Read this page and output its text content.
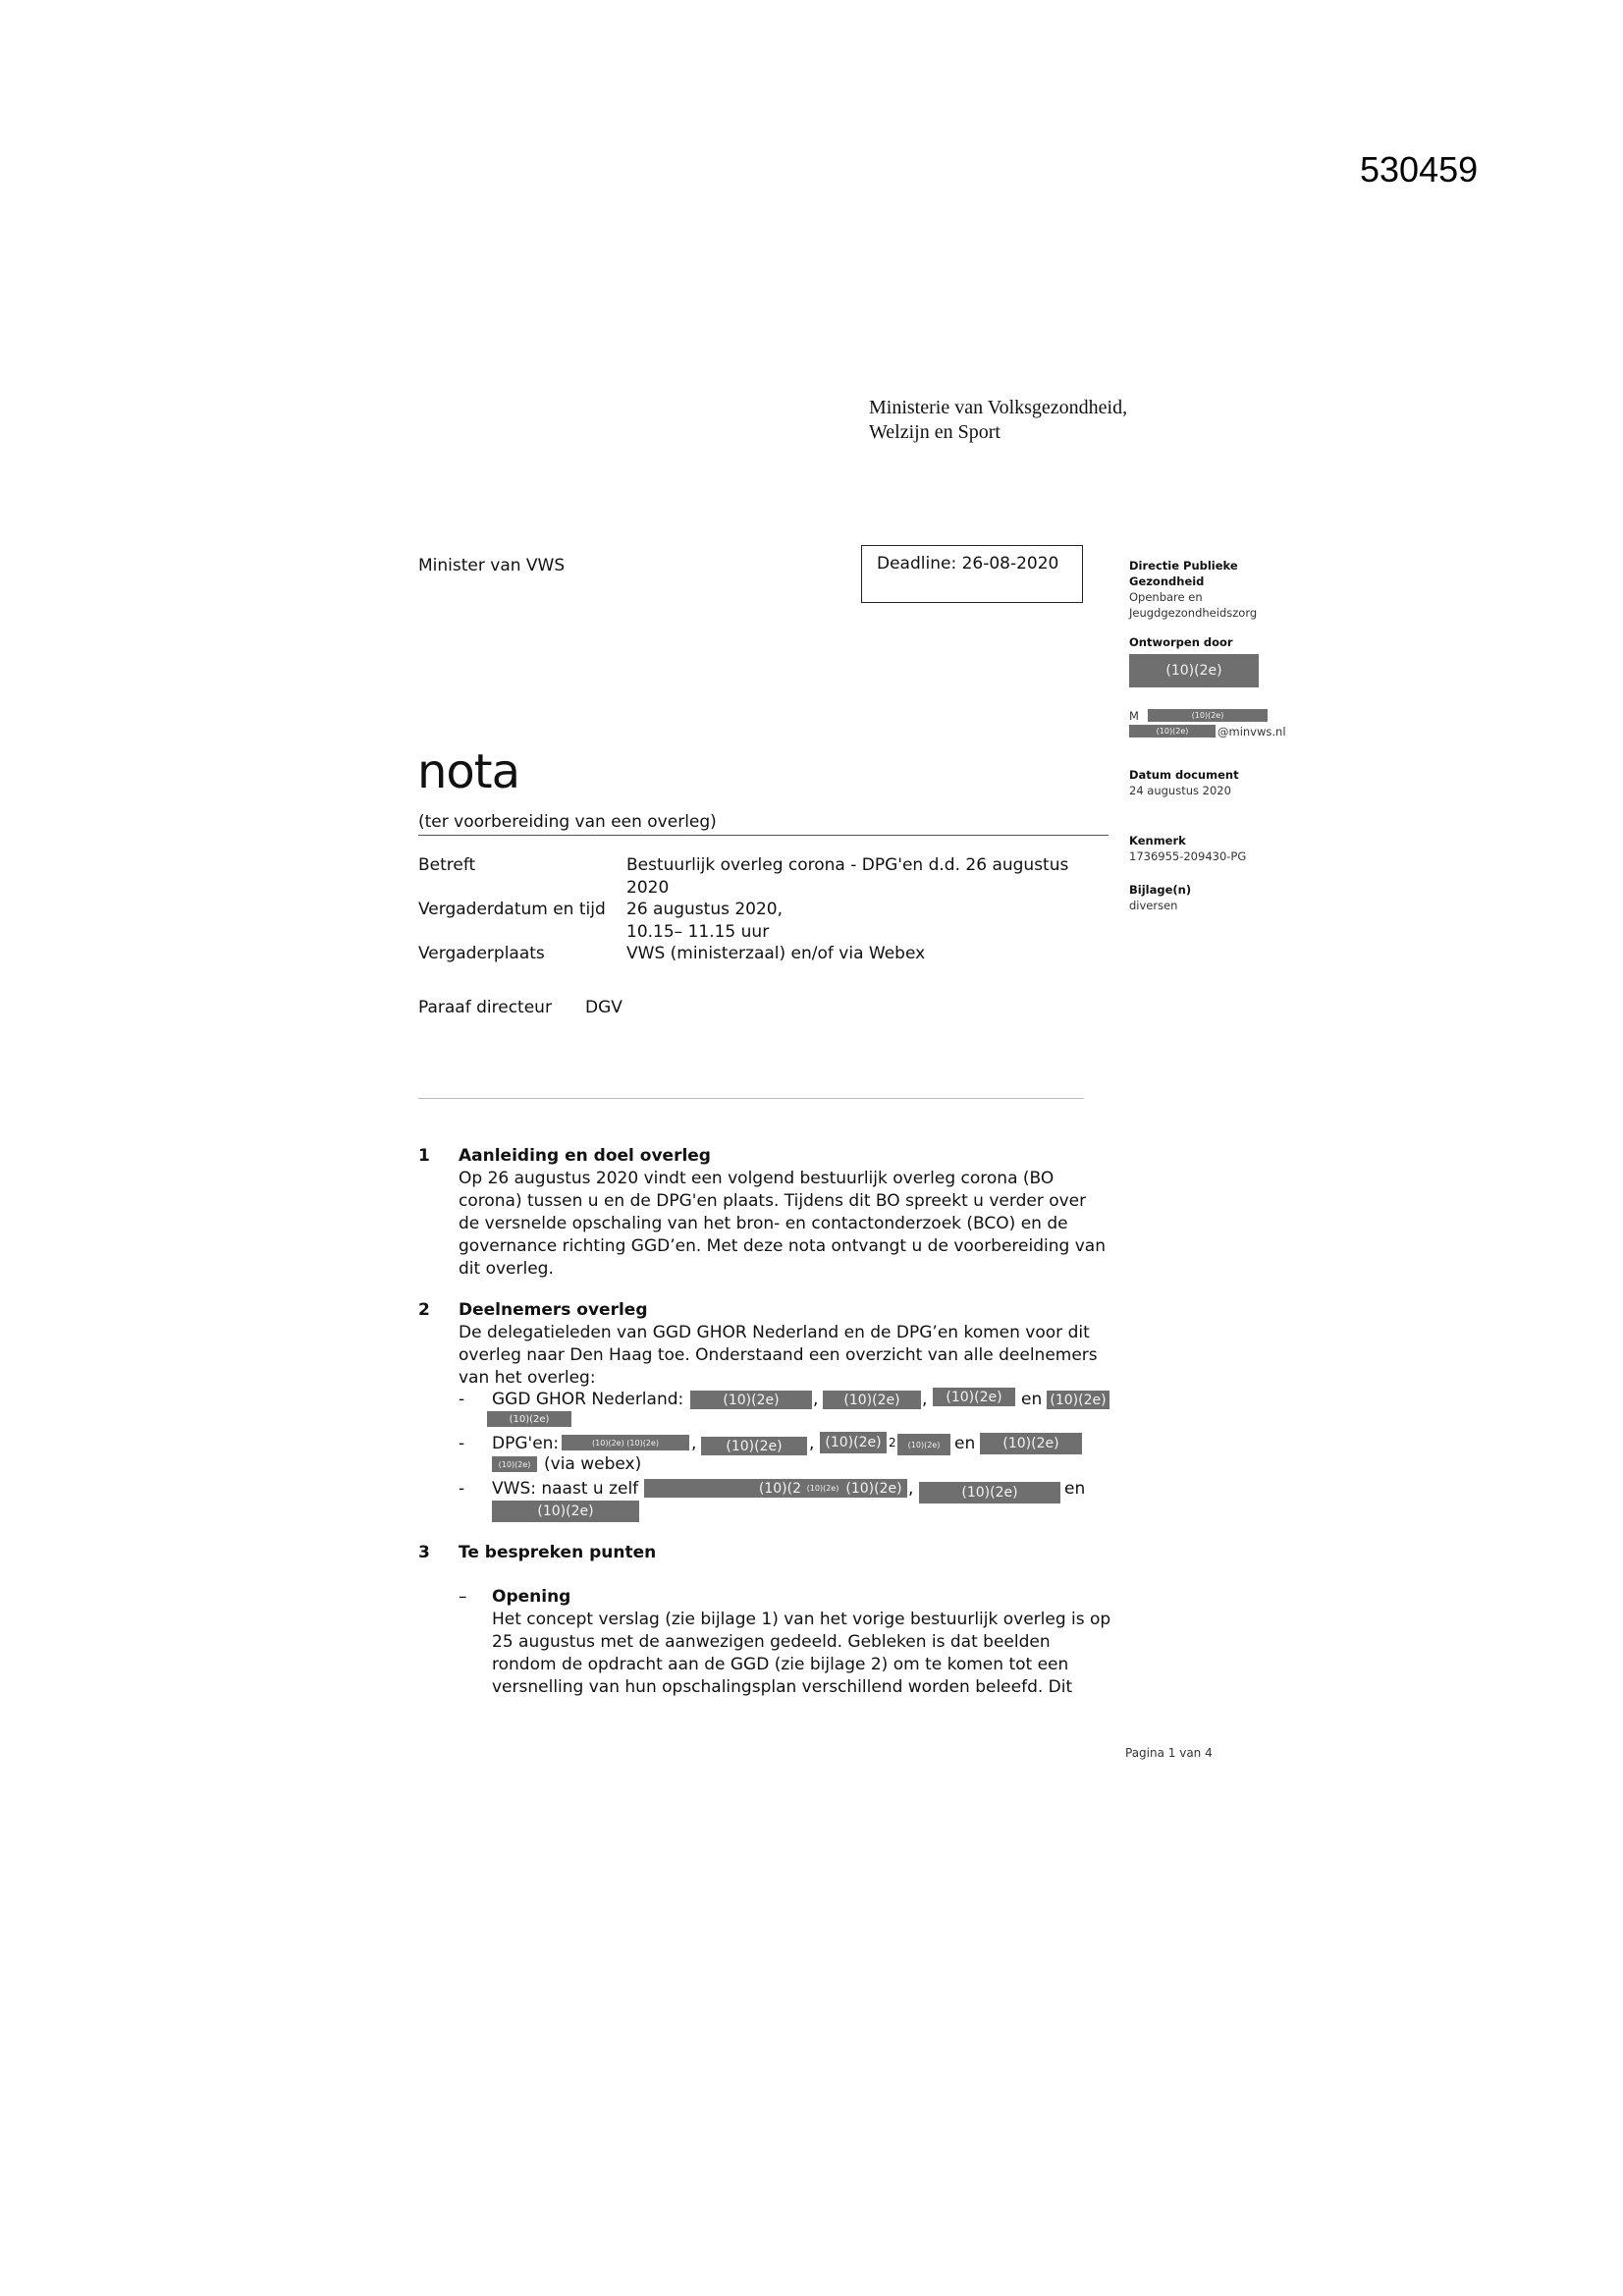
530459
Ministerie van Volksgezondheid,
Welzijn en Sport
Minister van VWS	Deadline: 26-08-2020	Directie Publieke
Gezondheid
Openbare en
Jeugdgezondheidszorg
Ontworpen door
(10)(2e)
M	(10)(2e)
(10)(2e)	@minvws.nl
Datum document
24 augustus 2020
Kenmerk
1736955-209430-PG
Bijlage(n)
diversen
nota
(ter voorbereiding van een overleg)
Betreft	Bestuurlijk overleg corona - DPG'en d.d. 26 augustus
2020
Vergaderdatum en tijd 26 augustus 2020,
10.15– 11.15 uur
Vergaderplaats	VWS (ministerzaal) en/of via Webex
Paraaf directeur DGV
1 Aanleiding en doel overleg
Op 26 augustus 2020 vindt een volgend bestuurlijk overleg corona (BO
corona) tussen u en de DPG'en plaats. Tijdens dit BO spreekt u verder over
de versnelde opschaling van het bron- en contactonderzoek (BCO) en de
governance richting GGD’en. Met deze nota ontvangt u de voorbereiding van
dit overleg.
2 Deelnemers overleg
De delegatieleden van GGD GHOR Nederland en de DPG’en komen voor dit
overleg naar Den Haag toe. Onderstaand een overzicht van alle deelnemers
van het overleg:
- GGD GHOR Nederland:	(10)(2e)	,	(10)(2e)	,	(10)(2e)	en (10)(2e)
(10)(2e)
- DPG'en:	(10)(2e) (10)(2e)	,	(10)(2e)	, (10)(2e) 2	(10)(2e) en	(10)(2e)
(10)(2e) (via webex)
- VWS: naast u zelf	(10)(2 (10)(2e) (10)(2e) ,	(10)(2e)	en
(10)(2e)
3 Te bespreken punten
– Opening
Het concept verslag (zie bijlage 1) van het vorige bestuurlijk overleg is op
25 augustus met de aanwezigen gedeeld. Gebleken is dat beelden
rondom de opdracht aan de GGD (zie bijlage 2) om te komen tot een
versnelling van hun opschalingsplan verschillend worden beleefd. Dit
Pagina 1 van 4
